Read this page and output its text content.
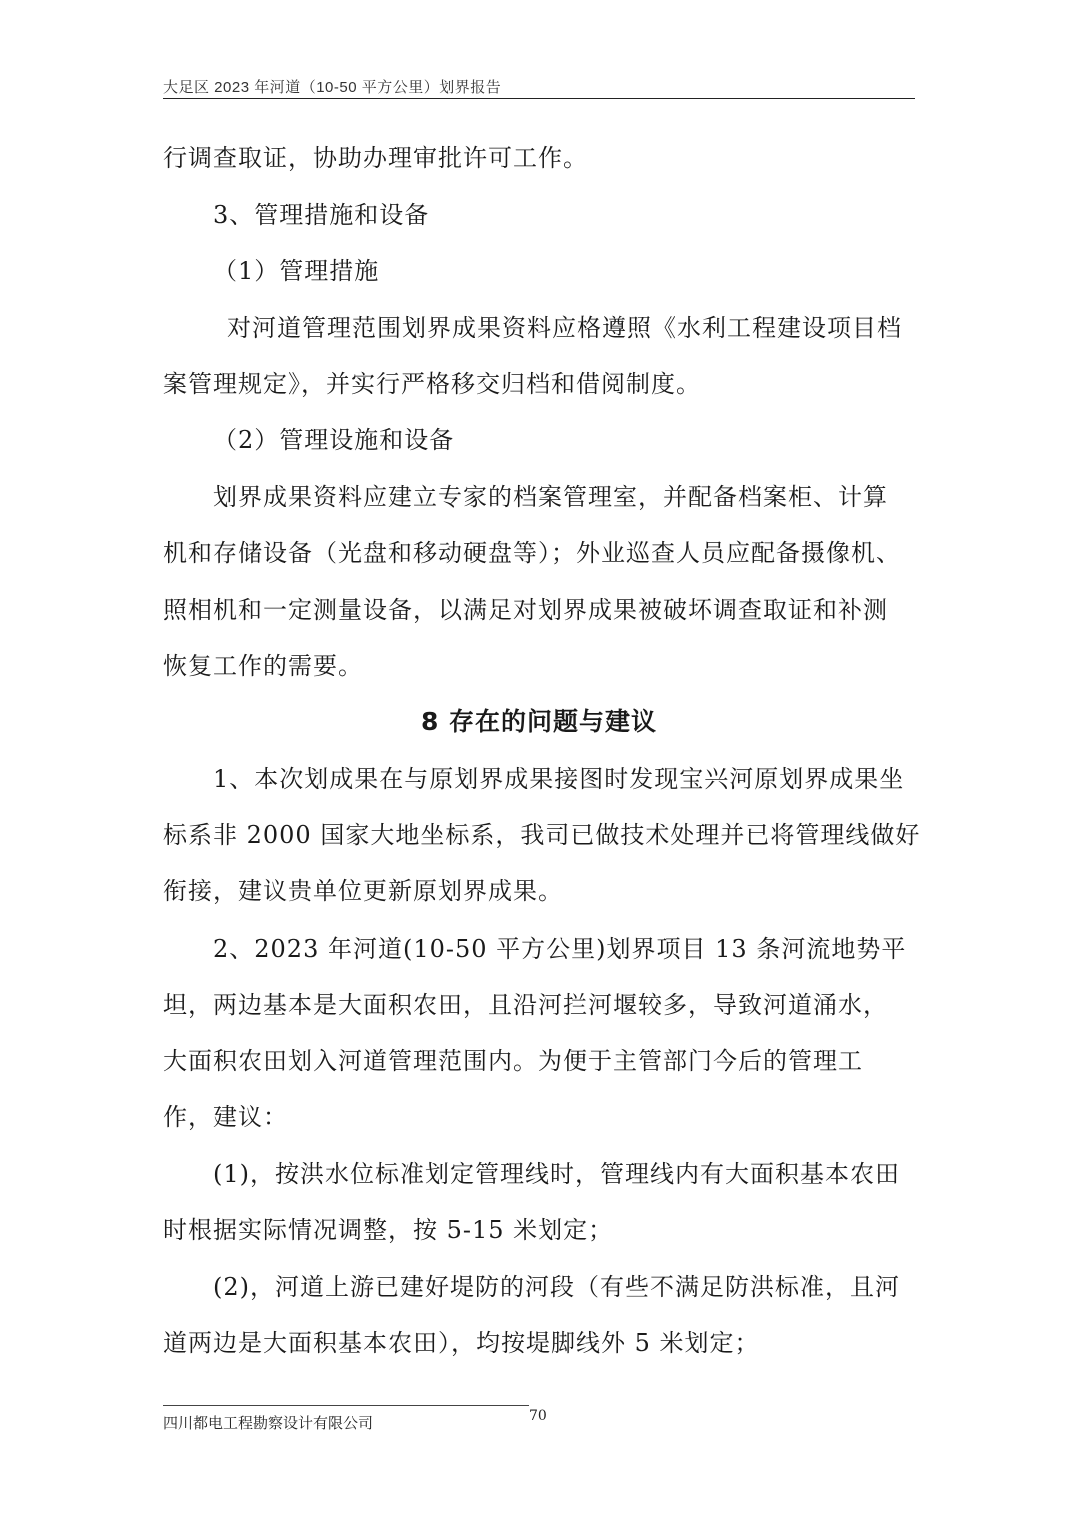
大足区 2023 年河道（10-50 平方公里）划界报告
行调查取证，协助办理审批许可工作。
3、管理措施和设备
（1）管理措施
对河道管理范围划界成果资料应格遵照《水利工程建设项目档
案管理规定》，并实行严格移交归档和借阅制度。
（2）管理设施和设备
划界成果资料应建立专家的档案管理室，并配备档案柜、计算
机和存储设备（光盘和移动硬盘等）；外业巡查人员应配备摄像机、
照相机和一定测量设备，以满足对划界成果被破坏调查取证和补测
恢复工作的需要。
8 存在的问题与建议
1、本次划成果在与原划界成果接图时发现宝兴河原划界成果坐
标系非 2000 国家大地坐标系，我司已做技术处理并已将管理线做好
衔接，建议贵单位更新原划界成果。
2、2023 年河道(10-50 平方公里)划界项目 13 条河流地势平
坦，两边基本是大面积农田，且沿河拦河堰较多，导致河道涌水，
大面积农田划入河道管理范围内。为便于主管部门今后的管理工
作，建议：
(1)，按洪水位标准划定管理线时，管理线内有大面积基本农田
时根据实际情况调整，按 5-15 米划定；
(2)，河道上游已建好堤防的河段（有些不满足防洪标准，且河
道两边是大面积基本农田），均按堤脚线外 5 米划定；
四川都电工程勘察设计有限公司	70
